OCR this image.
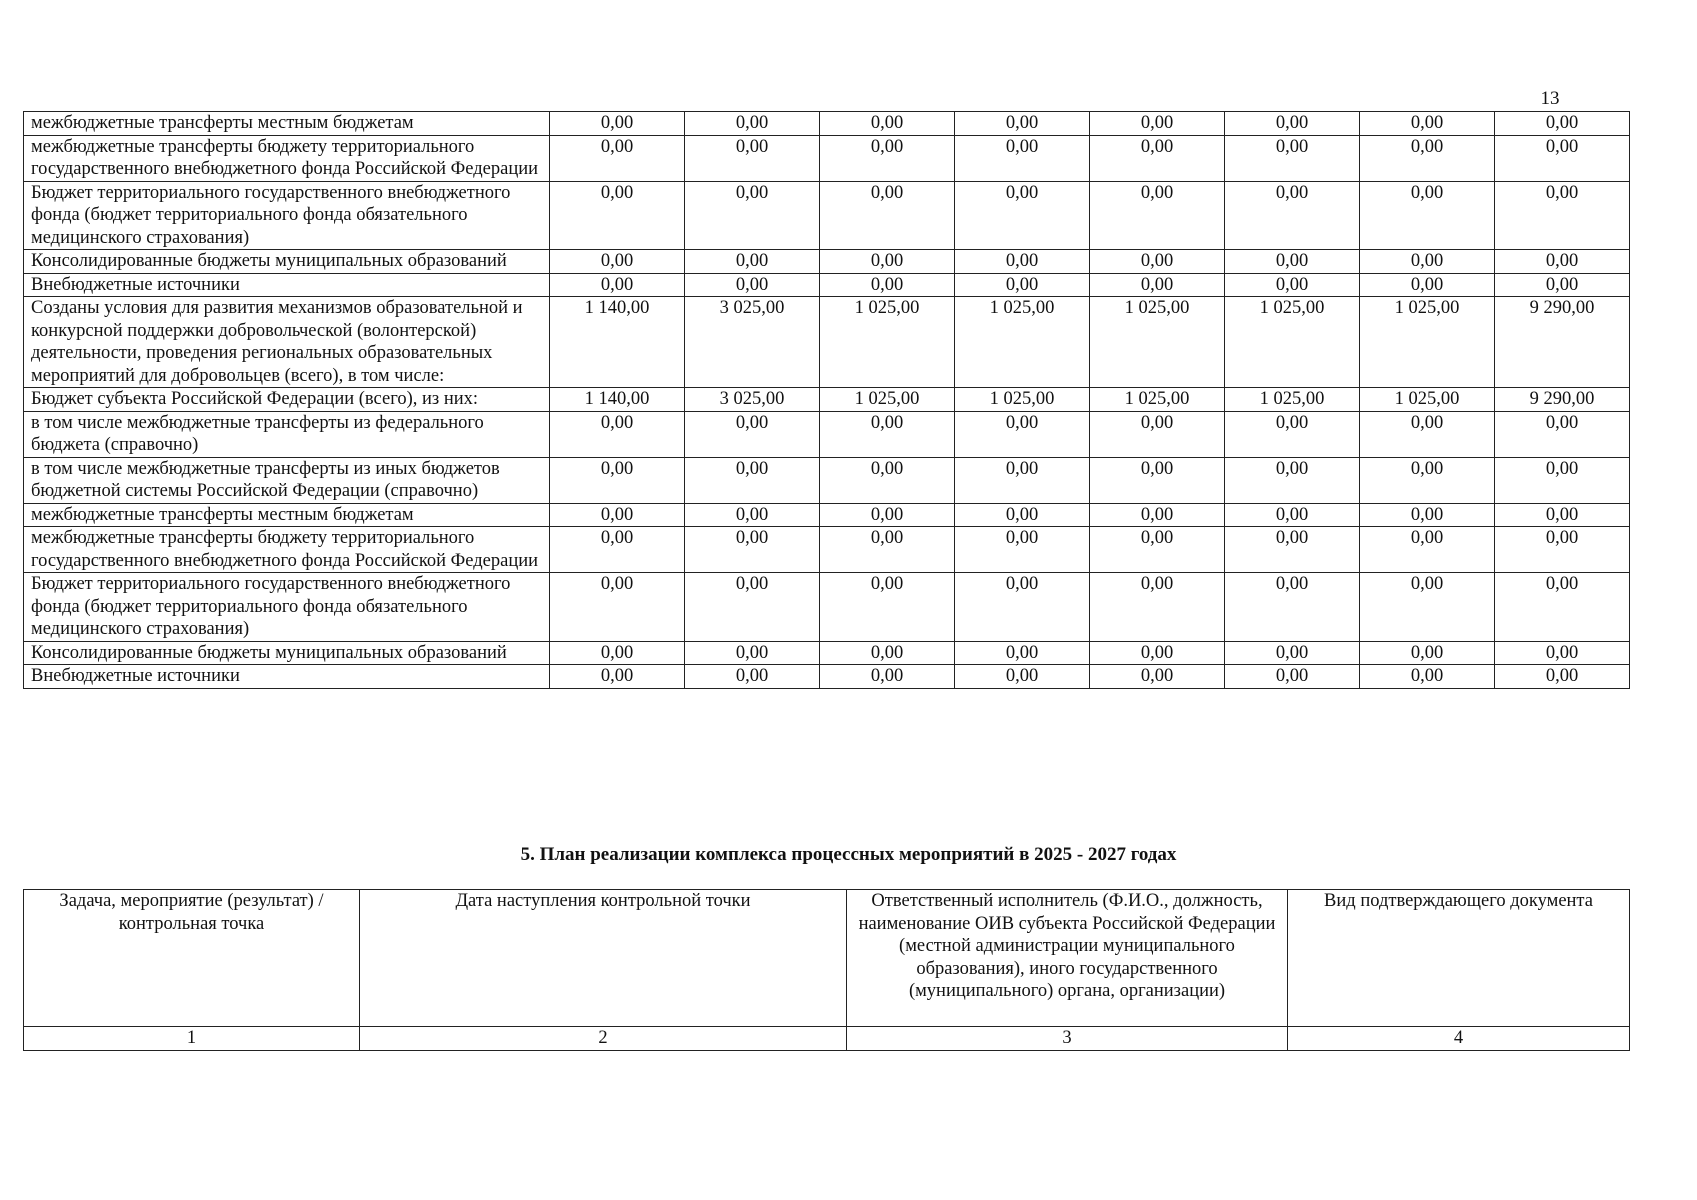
13
межбюджетные трансферты местным бюджетам	0,00	0,00	0,00	0,00	0,00	0,00	0,00	0,00
межбюджетные трансферты бюджету территориального государственного внебюджетного фонда Российской Федерации	0,00	0,00	0,00	0,00	0,00	0,00	0,00	0,00
Бюджет территориального государственного внебюджетного фонда (бюджет территориального фонда обязательного медицинского страхования)	0,00	0,00	0,00	0,00	0,00	0,00	0,00	0,00
Консолидированные бюджеты муниципальных образований	0,00	0,00	0,00	0,00	0,00	0,00	0,00	0,00
Внебюджетные источники	0,00	0,00	0,00	0,00	0,00	0,00	0,00	0,00
Созданы условия для развития механизмов образовательной и конкурсной поддержки добровольческой (волонтерской) деятельности, проведения региональных образовательных мероприятий для добровольцев (всего), в том числе:	1 140,00	3 025,00	1 025,00	1 025,00	1 025,00	1 025,00	1 025,00	9 290,00
Бюджет субъекта Российской Федерации (всего), из них:	1 140,00	3 025,00	1 025,00	1 025,00	1 025,00	1 025,00	1 025,00	9 290,00
в том числе межбюджетные трансферты из федерального бюджета (справочно)	0,00	0,00	0,00	0,00	0,00	0,00	0,00	0,00
в том числе межбюджетные трансферты из иных бюджетов бюджетной системы Российской Федерации (справочно)	0,00	0,00	0,00	0,00	0,00	0,00	0,00	0,00
межбюджетные трансферты местным бюджетам	0,00	0,00	0,00	0,00	0,00	0,00	0,00	0,00
межбюджетные трансферты бюджету территориального государственного внебюджетного фонда Российской Федерации	0,00	0,00	0,00	0,00	0,00	0,00	0,00	0,00
Бюджет территориального государственного внебюджетного фонда (бюджет территориального фонда обязательного медицинского страхования)	0,00	0,00	0,00	0,00	0,00	0,00	0,00	0,00
Консолидированные бюджеты муниципальных образований	0,00	0,00	0,00	0,00	0,00	0,00	0,00	0,00
Внебюджетные источники	0,00	0,00	0,00	0,00	0,00	0,00	0,00	0,00
5. План реализации комплекса процессных мероприятий в 2025 - 2027 годах
Задача, мероприятие (результат) / контрольная точка	Дата наступления контрольной точки	Ответственный исполнитель (Ф.И.О., должность, наименование ОИВ субъекта Российской Федерации (местной администрации муниципального образования), иного государственного (муниципального) органа, организации)	Вид подтверждающего документа
1	2	3	4
